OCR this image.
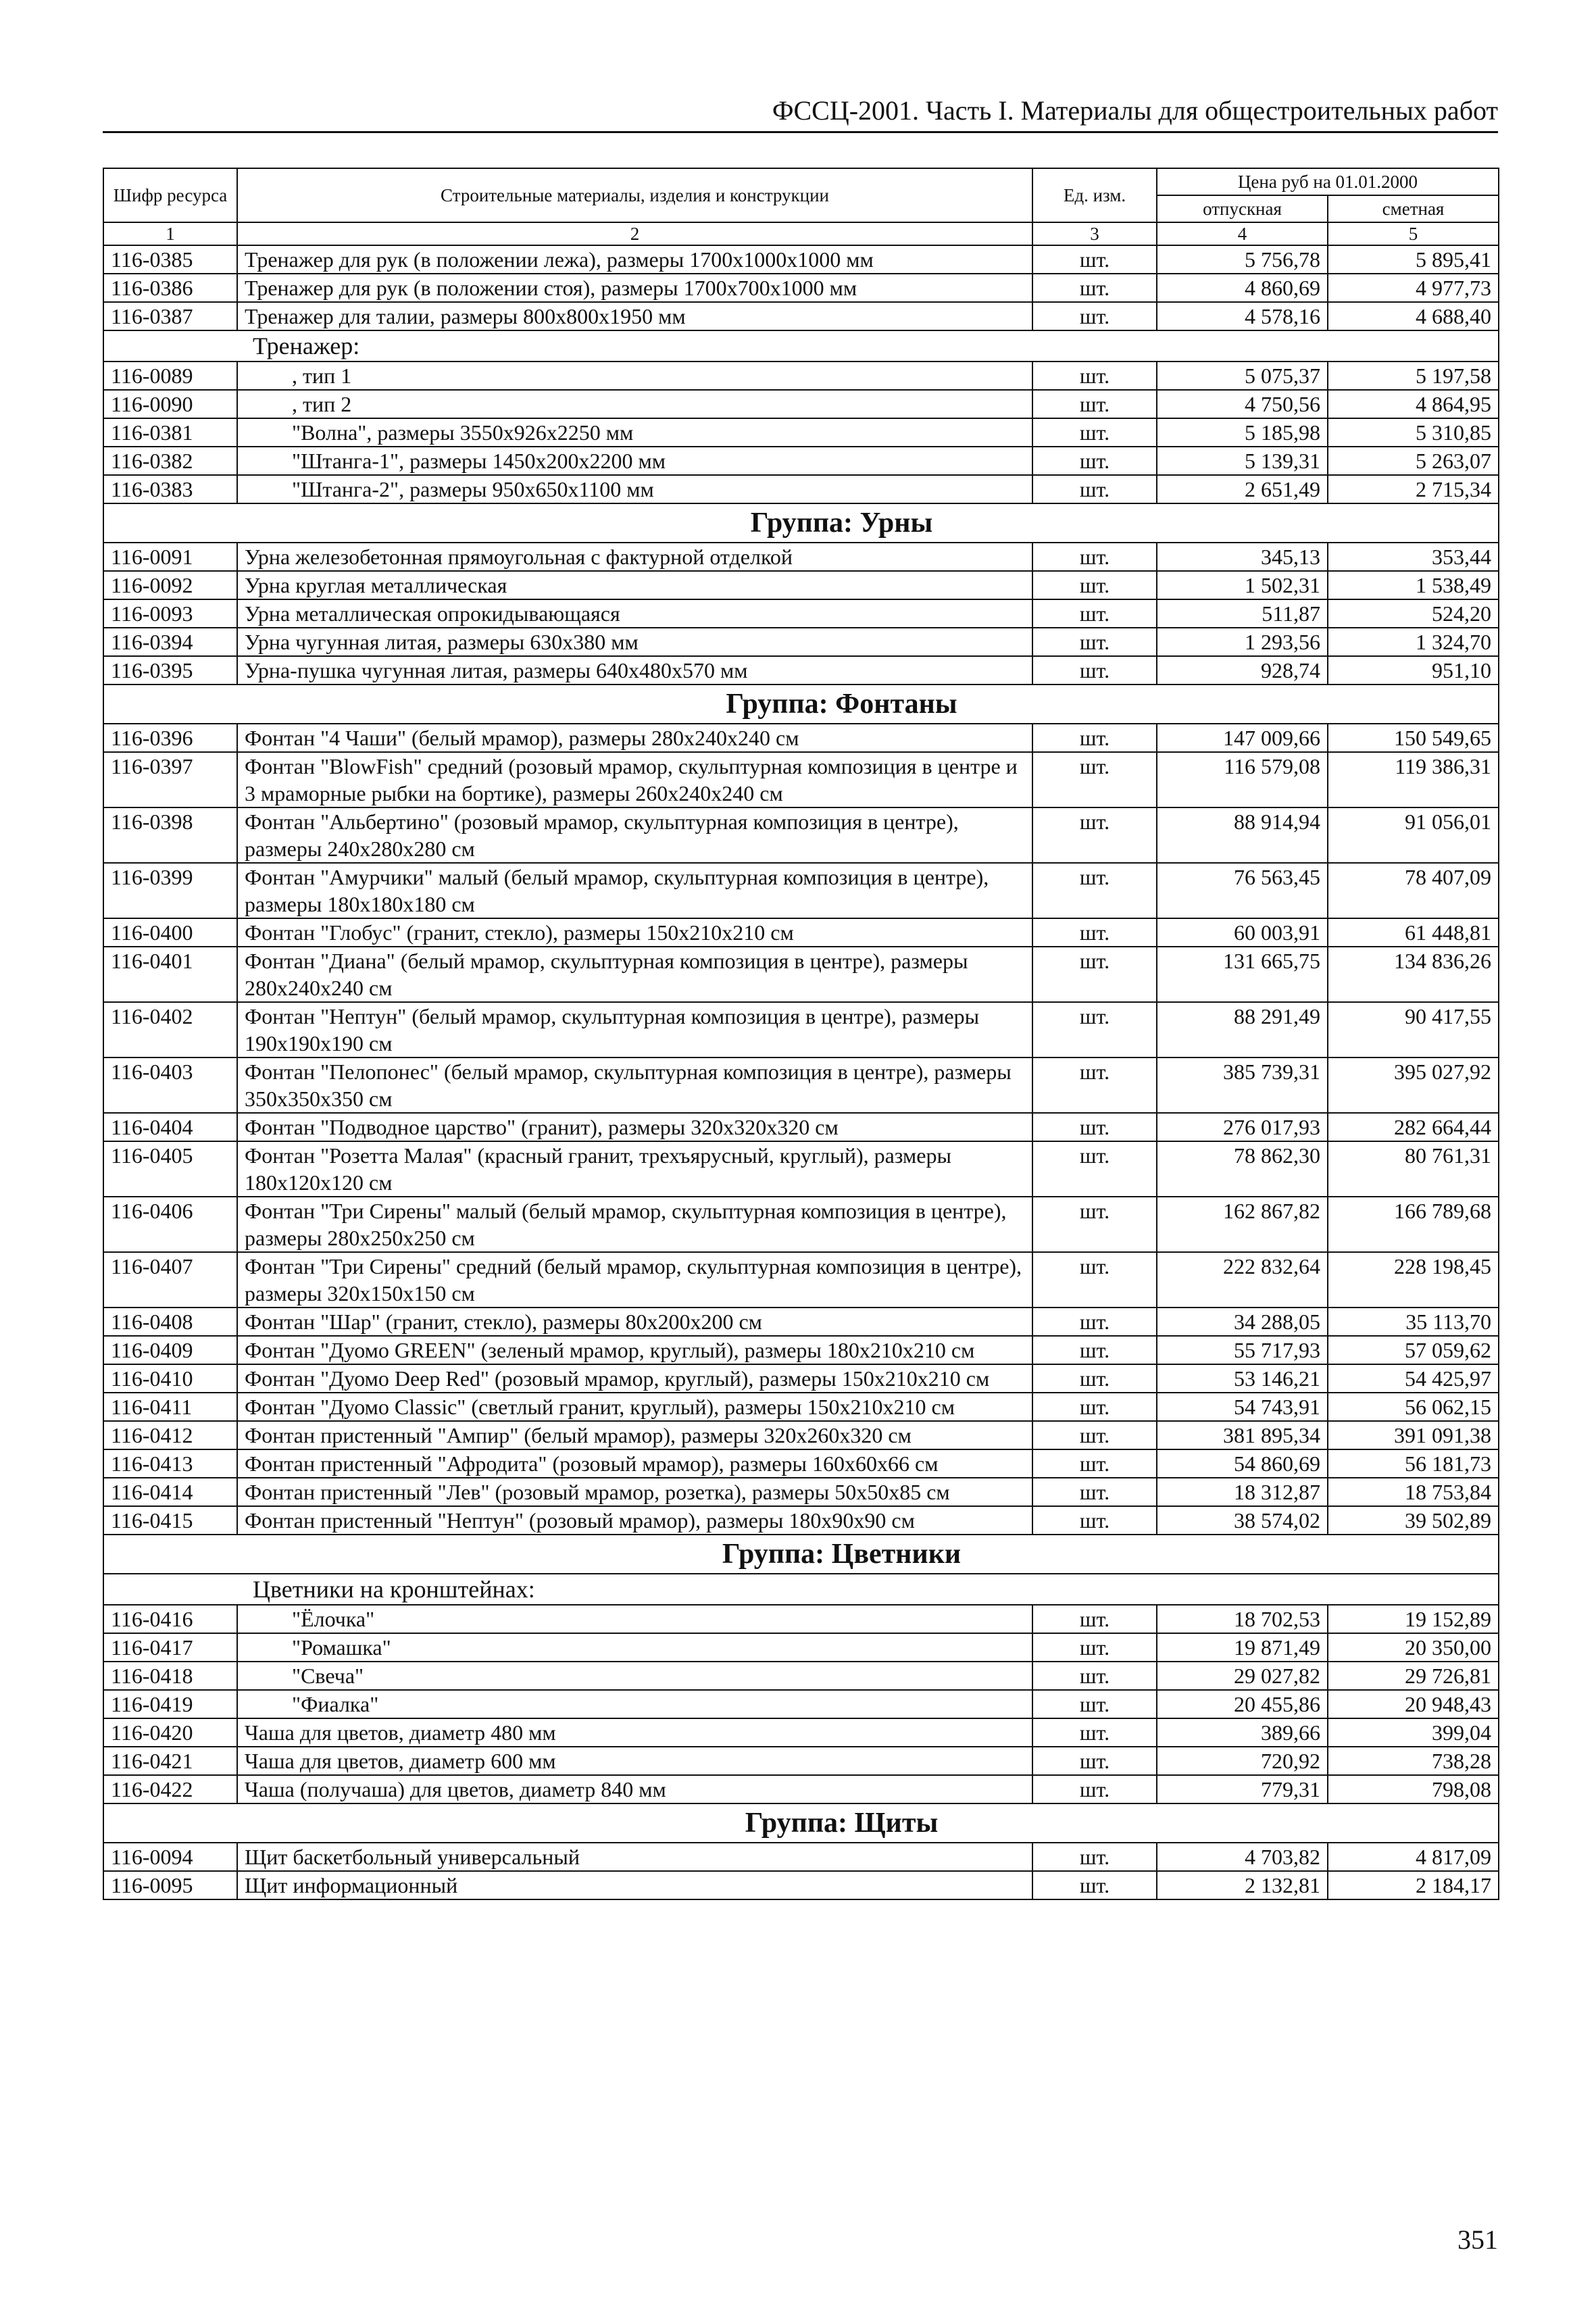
ФССЦ-2001. Часть I. Материалы для общестроительных работ
Шифр ресурса	Строительные материалы, изделия и конструкции	Ед. изм.	Цена руб на 01.01.2000	
			отпускная	сметная
1	2	3	4	5
116-0385	Тренажер для рук (в положении лежа), размеры 1700x1000x1000 мм	шт.	5 756,78	5 895,41
116-0386	Тренажер для рук (в положении стоя), размеры 1700x700x1000 мм	шт.	4 860,69	4 977,73
116-0387	Тренажер для талии, размеры 800x800x1950 мм	шт.	4 578,16	4 688,40
Тренажер:				
116-0089	, тип 1	шт.	5 075,37	5 197,58
116-0090	, тип 2	шт.	4 750,56	4 864,95
116-0381	"Волна", размеры 3550x926x2250 мм	шт.	5 185,98	5 310,85
116-0382	"Штанга-1", размеры 1450x200x2200 мм	шт.	5 139,31	5 263,07
116-0383	"Штанга-2", размеры 950x650x1100 мм	шт.	2 651,49	2 715,34
Группа: Урны				
116-0091	Урна железобетонная прямоугольная с фактурной отделкой	шт.	345,13	353,44
116-0092	Урна круглая металлическая	шт.	1 502,31	1 538,49
116-0093	Урна металлическая опрокидывающаяся	шт.	511,87	524,20
116-0394	Урна чугунная литая, размеры 630x380 мм	шт.	1 293,56	1 324,70
116-0395	Урна-пушка чугунная литая, размеры 640x480x570 мм	шт.	928,74	951,10
Группа: Фонтаны				
116-0396	Фонтан "4 Чаши" (белый мрамор), размеры 280x240x240 см	шт.	147 009,66	150 549,65
116-0397	Фонтан "BlowFish" средний (розовый мрамор, скульптурная композиция в центре и 3 мраморные рыбки на бортике), размеры 260x240x240 см	шт.	116 579,08	119 386,31
116-0398	Фонтан "Альбертино" (розовый мрамор, скульптурная композиция в центре), размеры 240x280x280 см	шт.	88 914,94	91 056,01
116-0399	Фонтан "Амурчики" малый (белый мрамор, скульптурная композиция в центре), размеры 180x180x180 см	шт.	76 563,45	78 407,09
116-0400	Фонтан "Глобус" (гранит, стекло), размеры 150x210x210 см	шт.	60 003,91	61 448,81
116-0401	Фонтан "Диана" (белый мрамор, скульптурная композиция в центре), размеры 280x240x240 см	шт.	131 665,75	134 836,26
116-0402	Фонтан "Нептун" (белый мрамор, скульптурная композиция в центре), размеры 190x190x190 см	шт.	88 291,49	90 417,55
116-0403	Фонтан "Пелопонес" (белый мрамор, скульптурная композиция в центре), размеры 350x350x350 см	шт.	385 739,31	395 027,92
116-0404	Фонтан "Подводное царство" (гранит), размеры 320x320x320 см	шт.	276 017,93	282 664,44
116-0405	Фонтан "Розетта Малая" (красный гранит, трехъярусный, круглый), размеры 180x120x120 см	шт.	78 862,30	80 761,31
116-0406	Фонтан "Три Сирены" малый (белый мрамор, скульптурная композиция в центре), размеры 280x250x250 см	шт.	162 867,82	166 789,68
116-0407	Фонтан "Три Сирены" средний (белый мрамор, скульптурная композиция в центре), размеры 320x150x150 см	шт.	222 832,64	228 198,45
116-0408	Фонтан "Шар" (гранит, стекло), размеры 80x200x200 см	шт.	34 288,05	35 113,70
116-0409	Фонтан "Дуомо GREEN" (зеленый мрамор, круглый), размеры 180x210x210 см	шт.	55 717,93	57 059,62
116-0410	Фонтан "Дуомо Deep Red" (розовый мрамор, круглый), размеры 150x210x210 см	шт.	53 146,21	54 425,97
116-0411	Фонтан "Дуомо Classic" (светлый гранит, круглый), размеры 150x210x210 см	шт.	54 743,91	56 062,15
116-0412	Фонтан пристенный "Ампир" (белый мрамор), размеры 320x260x320 см	шт.	381 895,34	391 091,38
116-0413	Фонтан пристенный "Афродита" (розовый мрамор), размеры 160x60x66 см	шт.	54 860,69	56 181,73
116-0414	Фонтан пристенный "Лев" (розовый мрамор, розетка), размеры 50x50x85 см	шт.	18 312,87	18 753,84
116-0415	Фонтан пристенный "Нептун" (розовый мрамор), размеры 180x90x90 см	шт.	38 574,02	39 502,89
Группа: Цветники				
Цветники на кронштейнах:				
116-0416	"Ёлочка"	шт.	18 702,53	19 152,89
116-0417	"Ромашка"	шт.	19 871,49	20 350,00
116-0418	"Свеча"	шт.	29 027,82	29 726,81
116-0419	"Фиалка"	шт.	20 455,86	20 948,43
116-0420	Чаша для цветов, диаметр 480 мм	шт.	389,66	399,04
116-0421	Чаша для цветов, диаметр 600 мм	шт.	720,92	738,28
116-0422	Чаша (получаша) для цветов, диаметр 840 мм	шт.	779,31	798,08
Группа: Щиты				
116-0094	Щит баскетбольный универсальный	шт.	4 703,82	4 817,09
116-0095	Щит информационный	шт.	2 132,81	2 184,17
351
